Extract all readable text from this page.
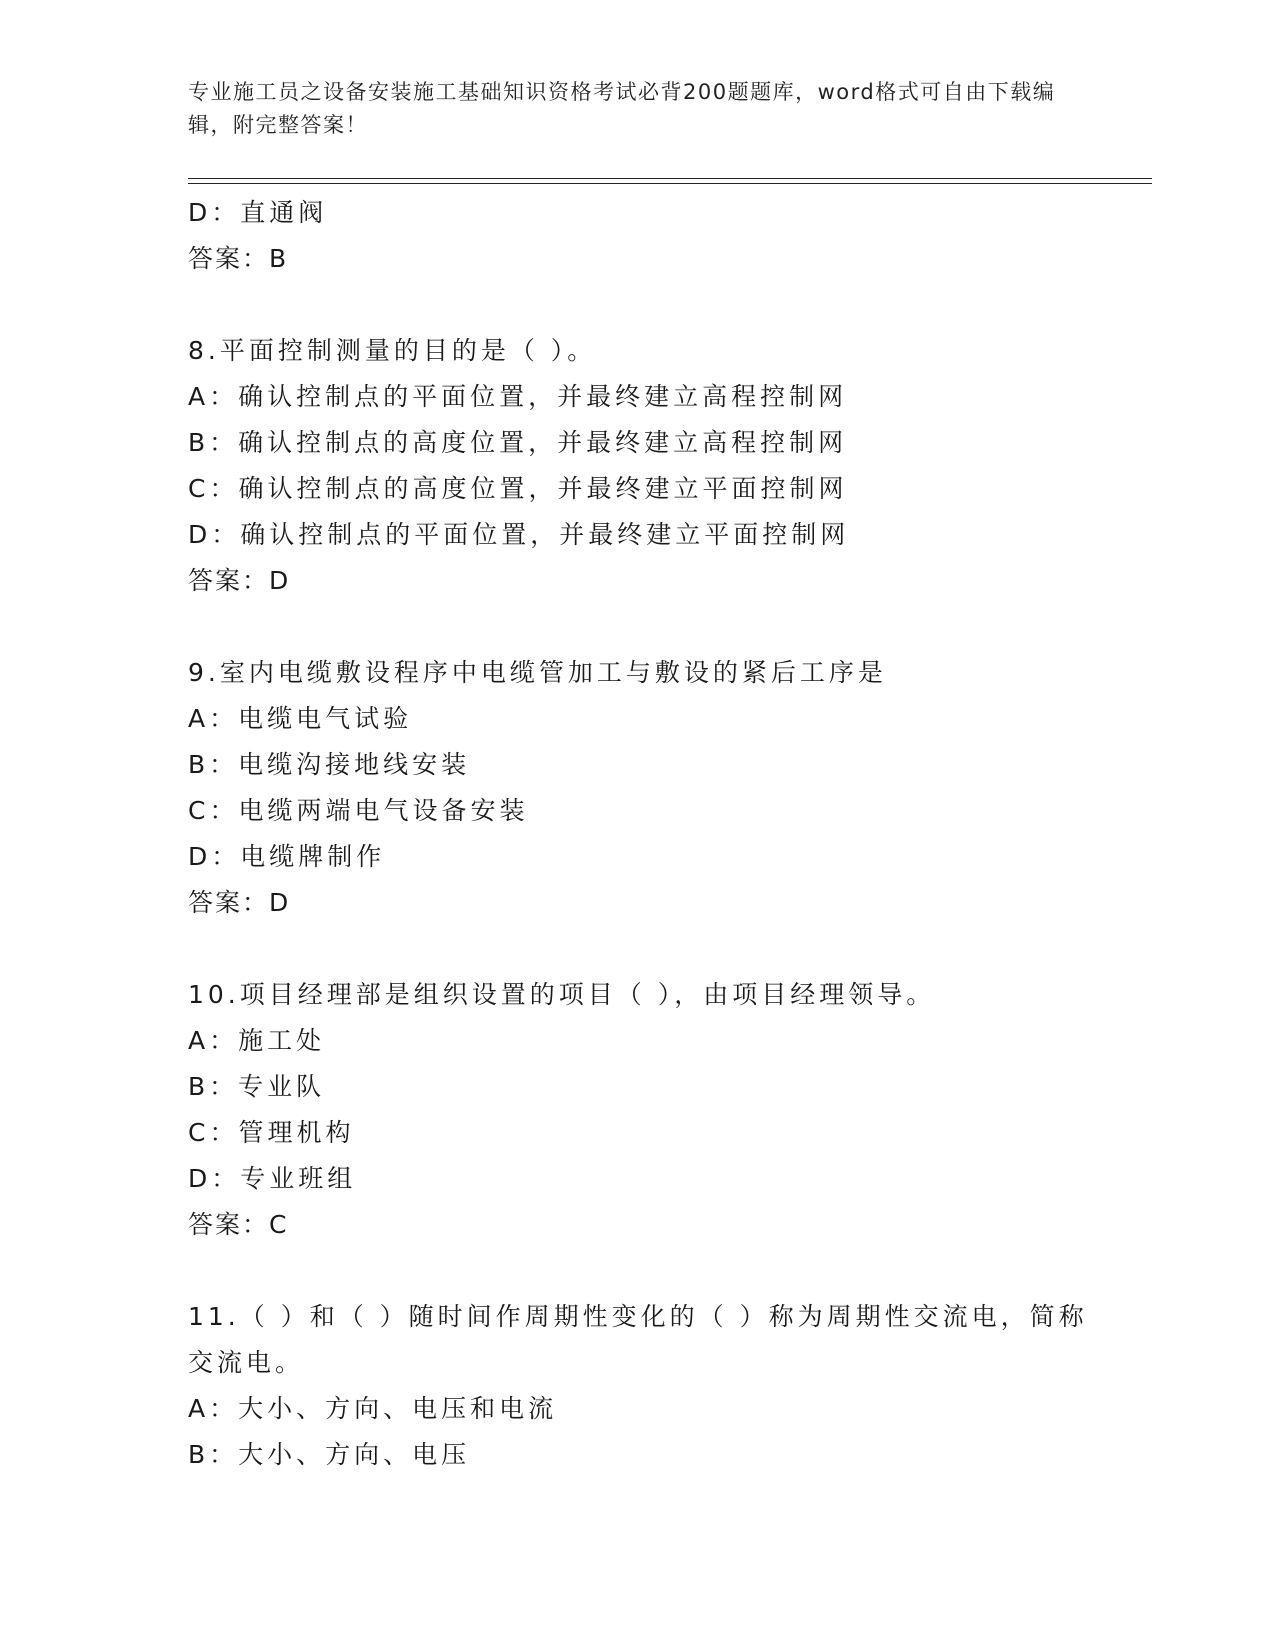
专业施工员之设备安装施工基础知识资格考试必背200题题库，word格式可自由下载编辑，附完整答案！
D：直通阀
答案：B
8.平面控制测量的目的是（ ）。
A：确认控制点的平面位置，并最终建立高程控制网
B：确认控制点的高度位置，并最终建立高程控制网
C：确认控制点的高度位置，并最终建立平面控制网
D：确认控制点的平面位置，并最终建立平面控制网
答案：D
9.室内电缆敷设程序中电缆管加工与敷设的紧后工序是
A：电缆电气试验
B：电缆沟接地线安装
C：电缆两端电气设备安装
D：电缆牌制作
答案：D
10.项目经理部是组织设置的项目（ ），由项目经理领导。
A：施工处
B：专业队
C：管理机构
D：专业班组
答案：C
11.（ ）和（ ）随时间作周期性变化的（ ）称为周期性交流电，简称交流电。
A：大小、方向、电压和电流
B：大小、方向、电压
